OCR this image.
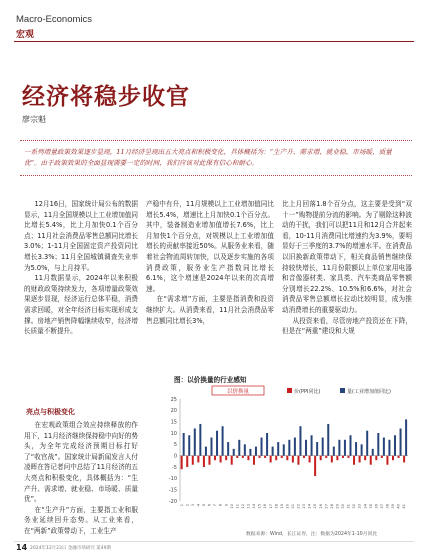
Macro-Economics
宏观
经济将稳步收官
廖宗魁

一系列增量政策效果逐步显现，11月经济呈现出五大亮点和积极变化，具体概括为：“生产升、需求增、就业稳、市场暖、质量优”。由于政策效果的全面显现需要一定的时间，我们应该对此保有信心和耐心。

12月16日，国家统计局公布的数据显示，11月全国规模以上工业增加值同比增长5.4%，比上月加快0.1个百分点；11月社会消费品零售总额同比增长3.0%；1-11月全国固定资产投资同比增长3.3%；11月全国城镇调查失业率为5.0%，与上月持平。

11月数据显示，2024年以来积极的财政政策持续发力，各项增量政策效果逐步显现，经济运行总体平稳，消费需求回暖，对全年经济目标实现形成支撑。房地产销售降幅继续收窄，经济增长质量不断提升。

亮点与积极变化

在宏观政策组合效应持续释放的作用下，11月经济继续保持稳中向好的势头，为全年完成经济预期目标打好了“收官战”。国家统计局新闻发言人付凌晖在答记者问中总结了11月经济的五大亮点和积极变化，具体概括为：“生产升、需求增、就业稳、市场暖、质量优”。

在“生产升”方面，主要指工业和服务业延续回升态势。从工业来看，在“两新”政策带动下，工业生产

产稳中有升，11月规模以上工业增加值同比增长5.4%，增速比上月加快0.1个百分点。其中，装备制造业增加值增长7.6%，比上月加快1个百分点，对规模以上工业增加值增长的贡献率接近50%。从服务业来看，随着社会物流周转加快，以及逐步实施的各项消费政策，服务业生产指数同比增长6.1%，这个增速是2024年以来的次高增速。

在“需求增”方面，主要是指消费和投资继续扩大。从消费来看，11月社会消费品零售总额同比增长3%，

比上月回落1.8个百分点，这主要是受到“双十一”购物提前分流的影响。为了剔除这种波动的干扰，我们可以把11月和12月合并起来看，10-11月消费同比增速约为3.9%，要明显好于三季度的3.7%的增速水平。在消费品以旧换新政策带动下，相关商品销售继续保持较快增长，11月份限额以上单位家用电器和音像器材类、家具类、汽车类商品零售额分别增长22.2%、10.5%和6.6%，对社会消费品零售总额增长拉动比较明显，成为推动消费增长的重要驱动力。

从投资来看，尽管房地产投资还在下降，但是在“两重”建设和大规

图：以价换量的行业感知
以价换量	价(PPI同比)	量(工业增加值同比)
25
20
15
10
5
0
-5
-10
-15
-20
1 2 3 4 5 6 7 8 9 10 11 12 13 14 15 16 17 18 19 20 21 22 23 24 25 26 27 28 29 30 31 32 33 34 35 36 37 38 39 40 41
数据来源：Wind，长江证券，注：数据为2024年1-10月同比
14 2024年12月23日 金融市场研究 第49期
